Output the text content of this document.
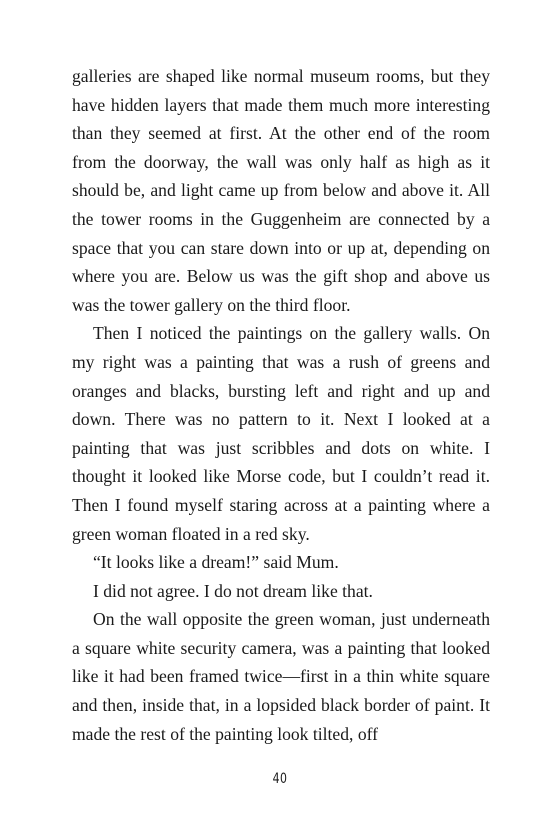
galleries are shaped like normal museum rooms, but they have hidden layers that made them much more interesting than they seemed at first. At the other end of the room from the doorway, the wall was only half as high as it should be, and light came up from below and above it. All the tower rooms in the Guggenheim are connected by a space that you can stare down into or up at, depending on where you are. Below us was the gift shop and above us was the tower gallery on the third floor.

Then I noticed the paintings on the gallery walls. On my right was a painting that was a rush of greens and oranges and blacks, bursting left and right and up and down. There was no pattern to it. Next I looked at a painting that was just scribbles and dots on white. I thought it looked like Morse code, but I couldn’t read it. Then I found myself staring across at a painting where a green woman floated in a red sky.

“It looks like a dream!” said Mum.

I did not agree. I do not dream like that.

On the wall opposite the green woman, just underneath a square white security camera, was a painting that looked like it had been framed twice—first in a thin white square and then, inside that, in a lopsided black border of paint. It made the rest of the painting look tilted, off

40
